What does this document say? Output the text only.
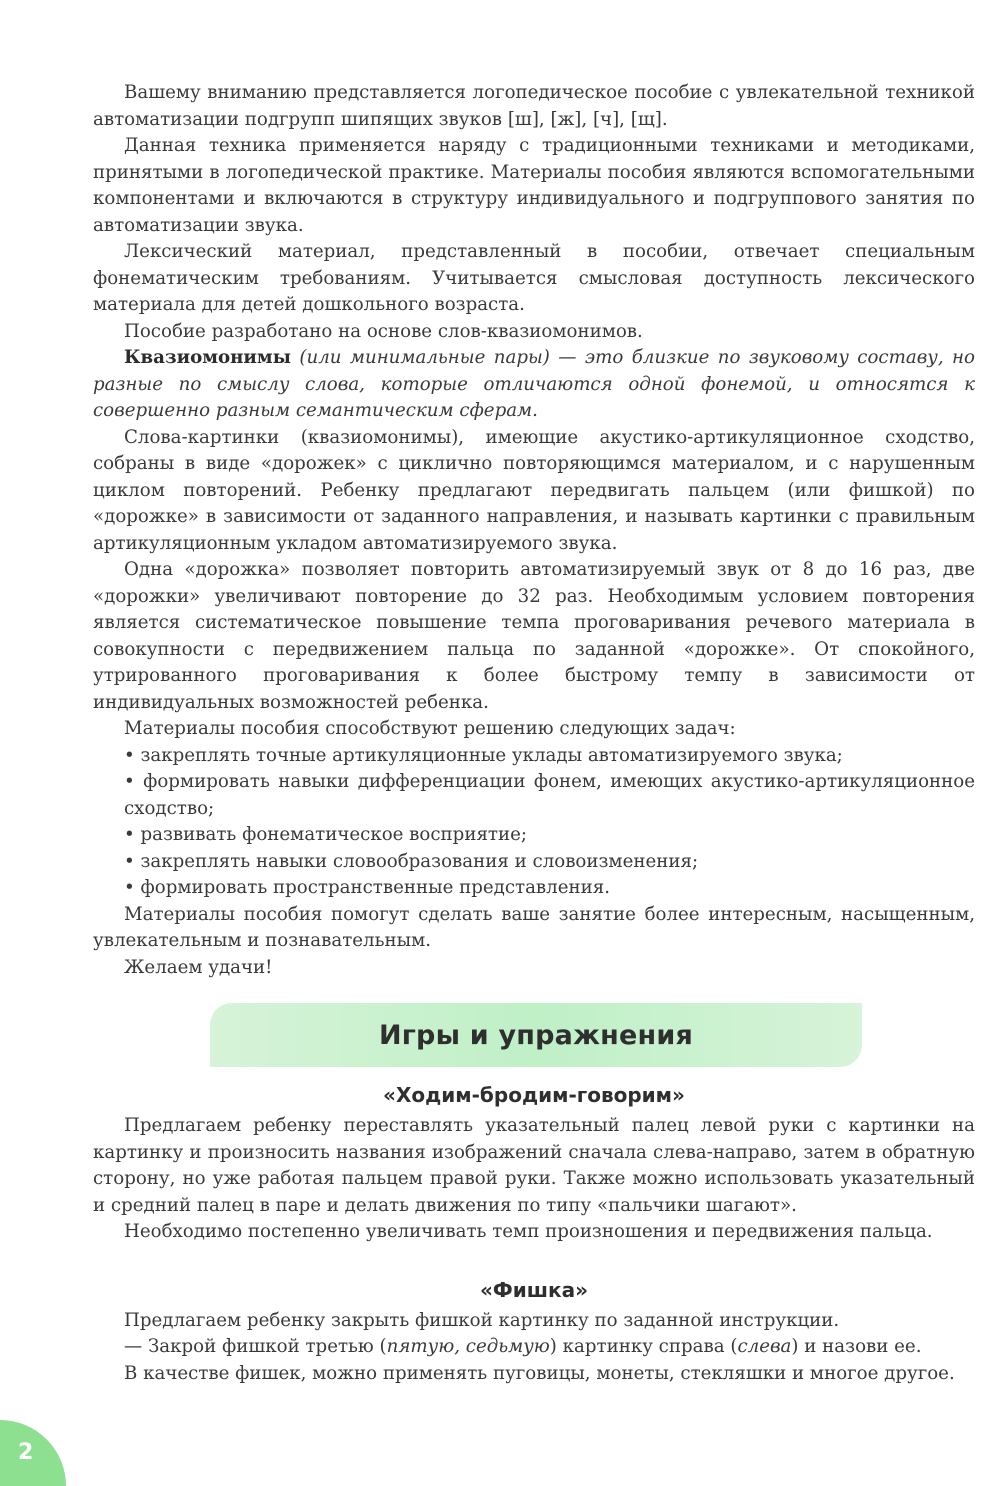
Вашему вниманию представляется логопедическое пособие с увлекательной техникой автоматизации подгрупп шипящих звуков [ш], [ж], [ч], [щ].

Данная техника применяется наряду с традиционными техниками и методиками, принятыми в логопедической практике. Материалы пособия являются вспомогательными компонентами и включаются в структуру индивидуального и подгруппового занятия по автоматизации звука.

Лексический материал, представленный в пособии, отвечает специальным фонематическим требованиям. Учитывается смысловая доступность лексического материала для детей дошкольного возраста.

Пособие разработано на основе слов-квазиомонимов.

Квазиомонимы (или минимальные пары) — это близкие по звуковому составу, но разные по смыслу слова, которые отличаются одной фонемой, и относятся к совершенно разным семантическим сферам.

Слова-картинки (квазиомонимы), имеющие акустико-артикуляционное сходство, собраны в виде «дорожек» с циклично повторяющимся материалом, и с нарушенным циклом повторений. Ребенку предлагают передвигать пальцем (или фишкой) по «дорожке» в зависимости от заданного направления, и называть картинки с правильным артикуляционным укладом автоматизируемого звука.

Одна «дорожка» позволяет повторить автоматизируемый звук от 8 до 16 раз, две «дорожки» увеличивают повторение до 32 раз. Необходимым условием повторения является систематическое повышение темпа проговаривания речевого материала в совокупности с передвижением пальца по заданной «дорожке». От спокойного, утрированного проговаривания к более быстрому темпу в зависимости от индивидуальных возможностей ребенка.

Материалы пособия способствуют решению следующих задач:

• закреплять точные артикуляционные уклады автоматизируемого звука;

• формировать навыки дифференциации фонем, имеющих акустико-артикуляционное сходство;

• развивать фонематическое восприятие;

• закреплять навыки словообразования и словоизменения;

• формировать пространственные представления.

Материалы пособия помогут сделать ваше занятие более интересным, насыщенным, увлекательным и познавательным.

Желаем удачи!

Игры и упражнения
«Ходим-бродим-говорим»

Предлагаем ребенку переставлять указательный палец левой руки с картинки на картинку и произносить названия изображений сначала слева-направо, затем в обратную сторону, но уже работая пальцем правой руки. Также можно использовать указательный и средний палец в паре и делать движения по типу «пальчики шагают».

Необходимо постепенно увеличивать темп произношения и передвижения пальца.

«Фишка»

Предлагаем ребенку закрыть фишкой картинку по заданной инструкции.

— Закрой фишкой третью (пятую, седьмую) картинку справа (слева) и назови ее.

В качестве фишек, можно применять пуговицы, монеты, стекляшки и многое другое.

2
